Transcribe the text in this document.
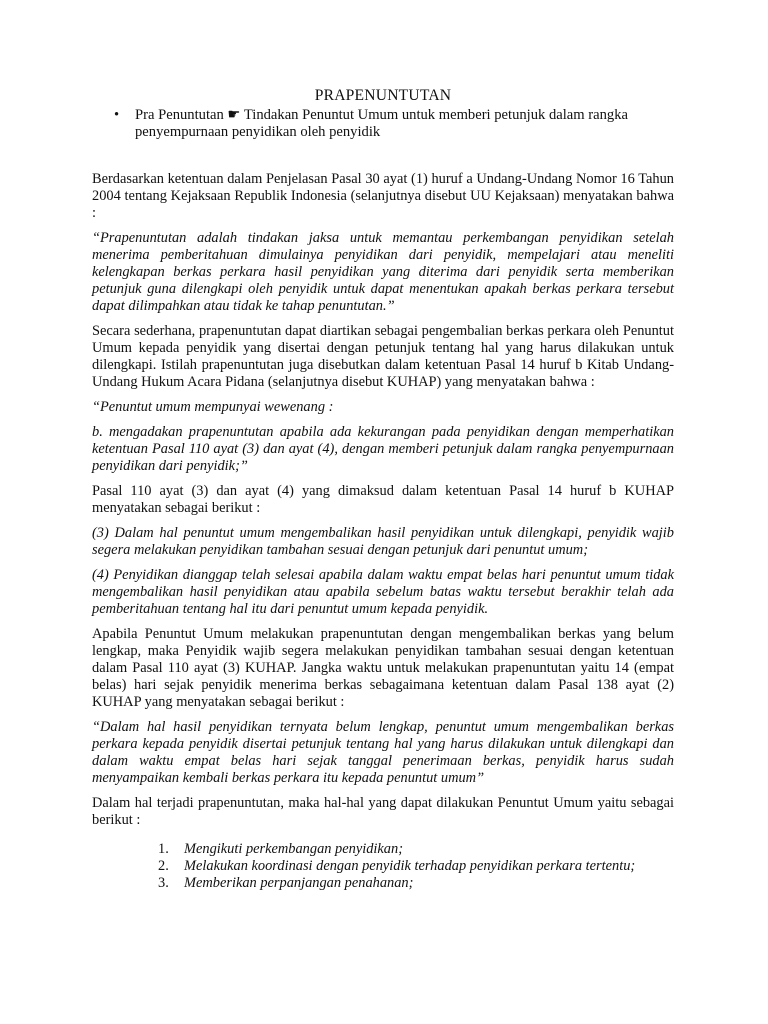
PRAPENUNTUTAN
•	Pra Penuntutan ☛ Tindakan Penuntut Umum untuk memberi petunjuk dalam rangka penyempurnaan penyidikan oleh penyidik

Berdasarkan ketentuan dalam Penjelasan Pasal 30 ayat (1) huruf a Undang-Undang Nomor 16 Tahun 2004 tentang Kejaksaan Republik Indonesia (selanjutnya disebut UU Kejaksaan) menyatakan bahwa :

“Prapenuntutan adalah tindakan jaksa untuk memantau perkembangan penyidikan setelah menerima pemberitahuan dimulainya penyidikan dari penyidik, mempelajari atau meneliti kelengkapan berkas perkara hasil penyidikan yang diterima dari penyidik serta memberikan petunjuk guna dilengkapi oleh penyidik untuk dapat menentukan apakah berkas perkara tersebut dapat dilimpahkan atau tidak ke tahap penuntutan.”

Secara sederhana, prapenuntutan dapat diartikan sebagai pengembalian berkas perkara oleh Penuntut Umum kepada penyidik yang disertai dengan petunjuk tentang hal yang harus dilakukan untuk dilengkapi. Istilah prapenuntutan juga disebutkan dalam ketentuan Pasal 14 huruf b Kitab Undang-Undang Hukum Acara Pidana (selanjutnya disebut KUHAP) yang menyatakan bahwa :

“Penuntut umum mempunyai wewenang :

b. mengadakan prapenuntutan apabila ada kekurangan pada penyidikan dengan memperhatikan ketentuan Pasal 110 ayat (3) dan ayat (4), dengan memberi petunjuk dalam rangka penyempurnaan penyidikan dari penyidik;”

Pasal 110 ayat (3) dan ayat (4) yang dimaksud dalam ketentuan Pasal 14 huruf b KUHAP menyatakan sebagai berikut :

(3) Dalam hal penuntut umum mengembalikan hasil penyidikan untuk dilengkapi, penyidik wajib segera melakukan penyidikan tambahan sesuai dengan petunjuk dari penuntut umum;

(4) Penyidikan dianggap telah selesai apabila dalam waktu empat belas hari penuntut umum tidak mengembalikan hasil penyidikan atau apabila sebelum batas waktu tersebut berakhir telah ada pemberitahuan tentang hal itu dari penuntut umum kepada penyidik.

Apabila Penuntut Umum melakukan prapenuntutan dengan mengembalikan berkas yang belum lengkap, maka Penyidik wajib segera melakukan penyidikan tambahan sesuai dengan ketentuan dalam Pasal 110 ayat (3) KUHAP. Jangka waktu untuk melakukan prapenuntutan yaitu 14 (empat belas) hari sejak penyidik menerima berkas sebagaimana ketentuan dalam Pasal 138 ayat (2) KUHAP yang menyatakan sebagai berikut :

“Dalam hal hasil penyidikan ternyata belum lengkap, penuntut umum mengembalikan berkas perkara kepada penyidik disertai petunjuk tentang hal yang harus dilakukan untuk dilengkapi dan dalam waktu empat belas hari sejak tanggal penerimaan berkas, penyidik harus sudah menyampaikan kembali berkas perkara itu kepada penuntut umum”

Dalam hal terjadi prapenuntutan, maka hal-hal yang dapat dilakukan Penuntut Umum yaitu sebagai berikut :

1.	Mengikuti perkembangan penyidikan;
2.	Melakukan koordinasi dengan penyidik terhadap penyidikan perkara tertentu;
3.	Memberikan perpanjangan penahanan;
